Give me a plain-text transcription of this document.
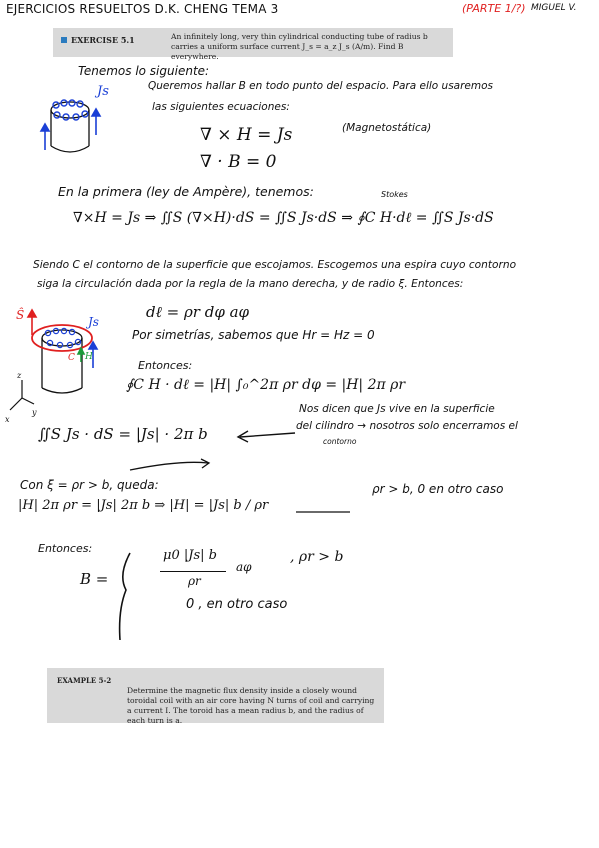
EJERCICIOS RESUELTOS D.K. CHENG TEMA 3	(PARTE 1/?) MIGUEL V.
EXERCISE 5.1	An infinitely long, very thin cylindrical conducting tube of radius b carries a uniform surface current J_s = a_z J_s (A/m). Find B everywhere.
Tenemos lo siguiente:
Queremos hallar B en todo punto del espacio. Para ello usaremos
las siguientes ecuaciones:
∇ × H = Js	(Magnetostática)
∇ · B = 0
En la primera (ley de Ampère), tenemos:	Stokes
∇×H = Js ⇒ ∬S (∇×H)·dS = ∬S Js·dS ⇒ ∮C H·dℓ = ∬S Js·dS
Siendo C el contorno de la superficie que escojamos. Escogemos una espira cuyo contorno
siga la circulación dada por la regla de la mano derecha, y de radio ξ. Entonces:
dℓ = ρr dφ aφ
Por simetrías, sabemos que Hr = Hz = 0
Entonces:
∮C H · dℓ = |H| ∫₀^2π ρr dφ = |H| 2π ρr
∬S Js · dS = |Js| · 2π b
Nos dicen que Js vive en la superficie
del cilindro → nosotros solo encerramos el
contorno
Con ξ = ρr > b, queda:
|H| 2π ρr = |Js| 2π b ⇒ |H| = |Js| b / ρr
ρr > b, 0 en otro caso
Entonces:
B =
μ0 |Js| b
ρr
aφ
, ρr > b
0 , en otro caso
Js
Ŝ	Js
H
C
z
x
y
EXAMPLE 5-2
Determine the magnetic flux density inside a closely wound toroidal coil with an air core having N turns of coil and carrying a current I. The toroid has a mean radius b, and the radius of each turn is a.
